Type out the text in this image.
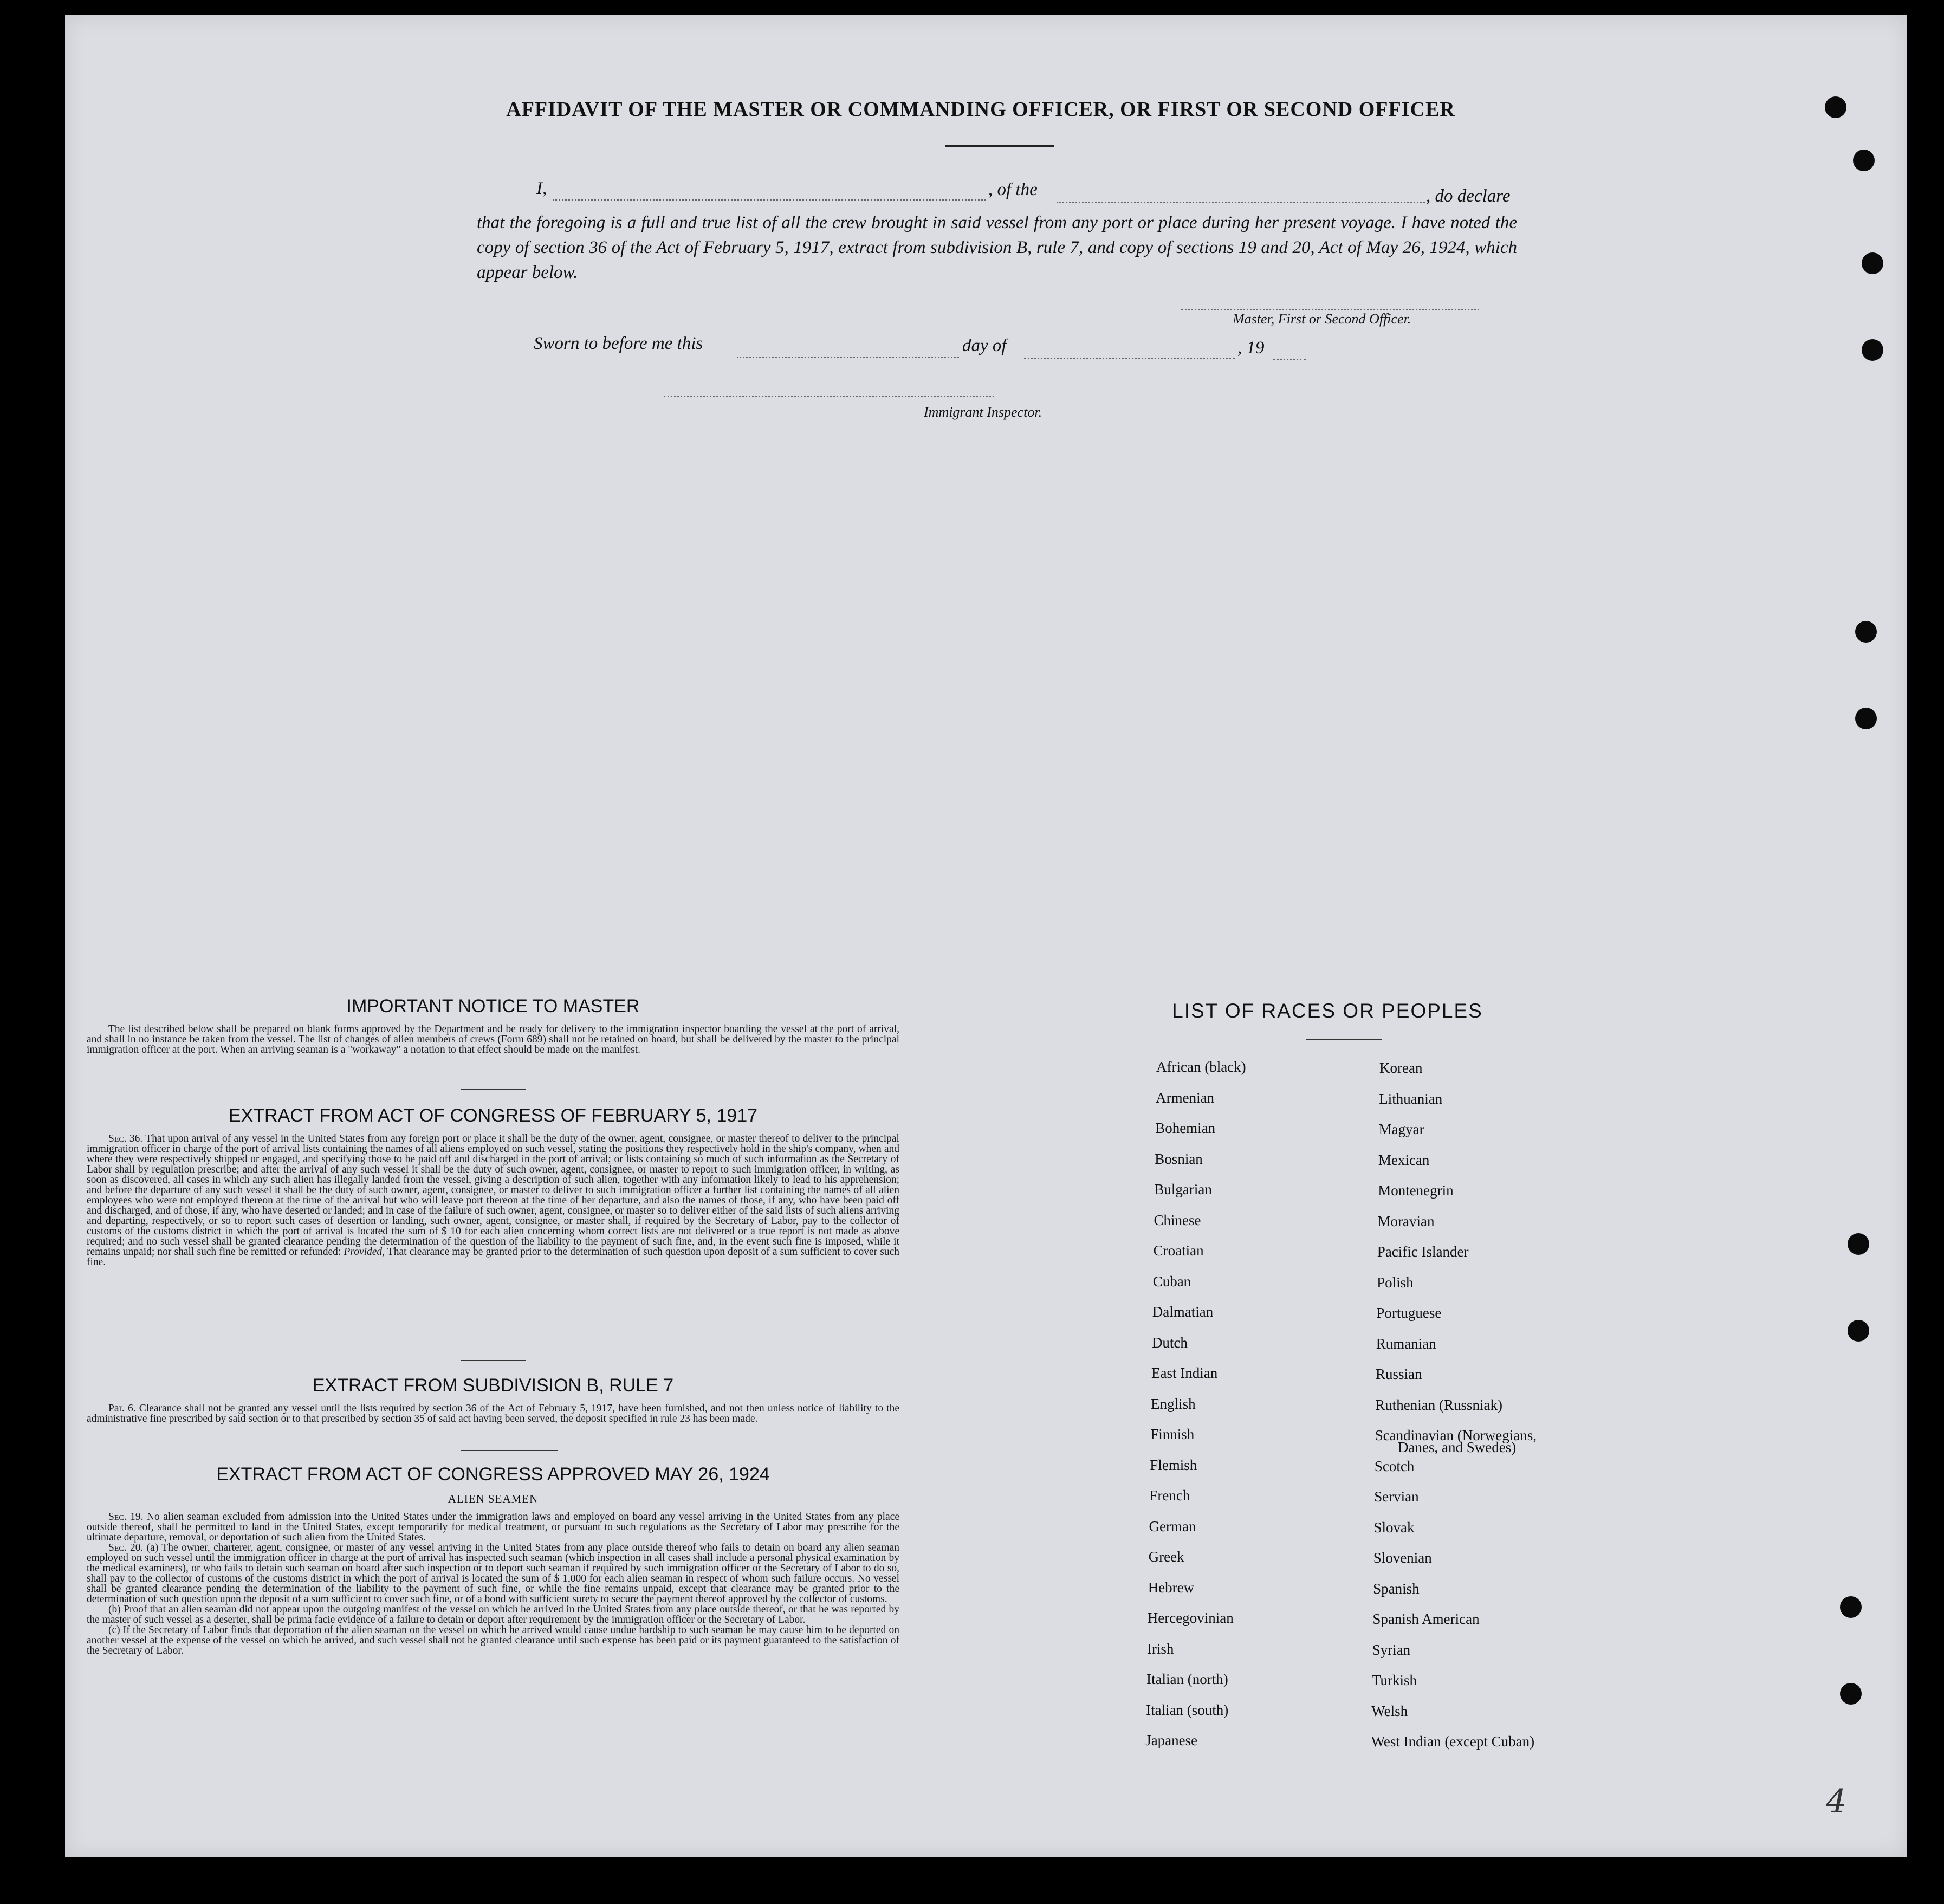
AFFIDAVIT OF THE MASTER OR COMMANDING OFFICER, OR FIRST OR SECOND OFFICER
I,	, of the	, do declare
that the foregoing is a full and true list of all the crew brought in said vessel from any port or place during her present voyage. I have noted the copy of section 36 of the Act of February 5, 1917, extract from subdivision B, rule 7, and copy of sections 19 and 20, Act of May 26, 1924, which appear below.
Master, First or Second Officer.
Sworn to before me this	day of	, 19
Immigrant Inspector.
IMPORTANT NOTICE TO MASTER

The list described below shall be prepared on blank forms approved by the Department and be ready for delivery to the immigration inspector boarding the vessel at the port of arrival, and shall in no instance be taken from the vessel. The list of changes of alien members of crews (Form 689) shall not be retained on board, but shall be delivered by the master to the principal immigration officer at the port. When an arriving seaman is a "workaway" a notation to that effect should be made on the manifest.

EXTRACT FROM ACT OF CONGRESS OF FEBRUARY 5, 1917

Sec. 36. That upon arrival of any vessel in the United States from any foreign port or place it shall be the duty of the owner, agent, consignee, or master thereof to deliver to the principal immigration officer in charge of the port of arrival lists containing the names of all aliens employed on such vessel, stating the positions they respectively hold in the ship's company, when and where they were respectively shipped or engaged, and specifying those to be paid off and discharged in the port of arrival; or lists containing so much of such information as the Secretary of Labor shall by regulation prescribe; and after the arrival of any such vessel it shall be the duty of such owner, agent, consignee, or master to report to such immigration officer, in writing, as soon as discovered, all cases in which any such alien has illegally landed from the vessel, giving a description of such alien, together with any information likely to lead to his apprehension; and before the departure of any such vessel it shall be the duty of such owner, agent, consignee, or master to deliver to such immigration officer a further list containing the names of all alien employees who were not employed thereon at the time of the arrival but who will leave port thereon at the time of her departure, and also the names of those, if any, who have been paid off and discharged, and of those, if any, who have deserted or landed; and in case of the failure of such owner, agent, consignee, or master so to deliver either of the said lists of such aliens arriving and departing, respectively, or so to report such cases of desertion or landing, such owner, agent, consignee, or master shall, if required by the Secretary of Labor, pay to the collector of customs of the customs district in which the port of arrival is located the sum of $ 10 for each alien concerning whom correct lists are not delivered or a true report is not made as above required; and no such vessel shall be granted clearance pending the determination of the question of the liability to the payment of such fine, and, in the event such fine is imposed, while it remains unpaid; nor shall such fine be remitted or refunded: Provided, That clearance may be granted prior to the determination of such question upon deposit of a sum sufficient to cover such fine.

EXTRACT FROM SUBDIVISION B, RULE 7

Par. 6. Clearance shall not be granted any vessel until the lists required by section 36 of the Act of February 5, 1917, have been furnished, and not then unless notice of liability to the administrative fine prescribed by said section or to that prescribed by section 35 of said act having been served, the deposit specified in rule 23 has been made.

EXTRACT FROM ACT OF CONGRESS APPROVED MAY 26, 1924
ALIEN SEAMEN

Sec. 19. No alien seaman excluded from admission into the United States under the immigration laws and employed on board any vessel arriving in the United States from any place outside thereof, shall be permitted to land in the United States, except temporarily for medical treatment, or pursuant to such regulations as the Secretary of Labor may prescribe for the ultimate departure, removal, or deportation of such alien from the United States.

Sec. 20. (a) The owner, charterer, agent, consignee, or master of any vessel arriving in the United States from any place outside thereof who fails to detain on board any alien seaman employed on such vessel until the immigration officer in charge at the port of arrival has inspected such seaman (which inspection in all cases shall include a personal physical examination by the medical examiners), or who fails to detain such seaman on board after such inspection or to deport such seaman if required by such immigration officer or the Secretary of Labor to do so, shall pay to the collector of customs of the customs district in which the port of arrival is located the sum of $ 1,000 for each alien seaman in respect of whom such failure occurs. No vessel shall be granted clearance pending the determination of the liability to the payment of such fine, or while the fine remains unpaid, except that clearance may be granted prior to the determination of such question upon the deposit of a sum sufficient to cover such fine, or of a bond with sufficient surety to secure the payment thereof approved by the collector of customs.

(b) Proof that an alien seaman did not appear upon the outgoing manifest of the vessel on which he arrived in the United States from any place outside thereof, or that he was reported by the master of such vessel as a deserter, shall be prima facie evidence of a failure to detain or deport after requirement by the immigration officer or the Secretary of Labor.

(c) If the Secretary of Labor finds that deportation of the alien seaman on the vessel on which he arrived would cause undue hardship to such seaman he may cause him to be deported on another vessel at the expense of the vessel on which he arrived, and such vessel shall not be granted clearance until such expense has been paid or its payment guaranteed to the satisfaction of the Secretary of Labor.

LIST OF RACES OR PEOPLES
African (black)
Armenian
Bohemian
Bosnian
Bulgarian
Chinese
Croatian
Cuban
Dalmatian
Dutch
East Indian
English
Finnish
Flemish
French
German
Greek
Hebrew
Hercegovinian
Irish
Italian (north)
Italian (south)
Japanese
Korean
Lithuanian
Magyar
Mexican
Montenegrin
Moravian
Pacific Islander
Polish
Portuguese
Rumanian
Russian
Ruthenian (Russniak)
Scandinavian (Norwegians,
Scotch
Servian
Slovak
Slovenian
Spanish
Spanish American
Syrian
Turkish
Welsh
West Indian (except Cuban)
Danes, and Swedes)
4
